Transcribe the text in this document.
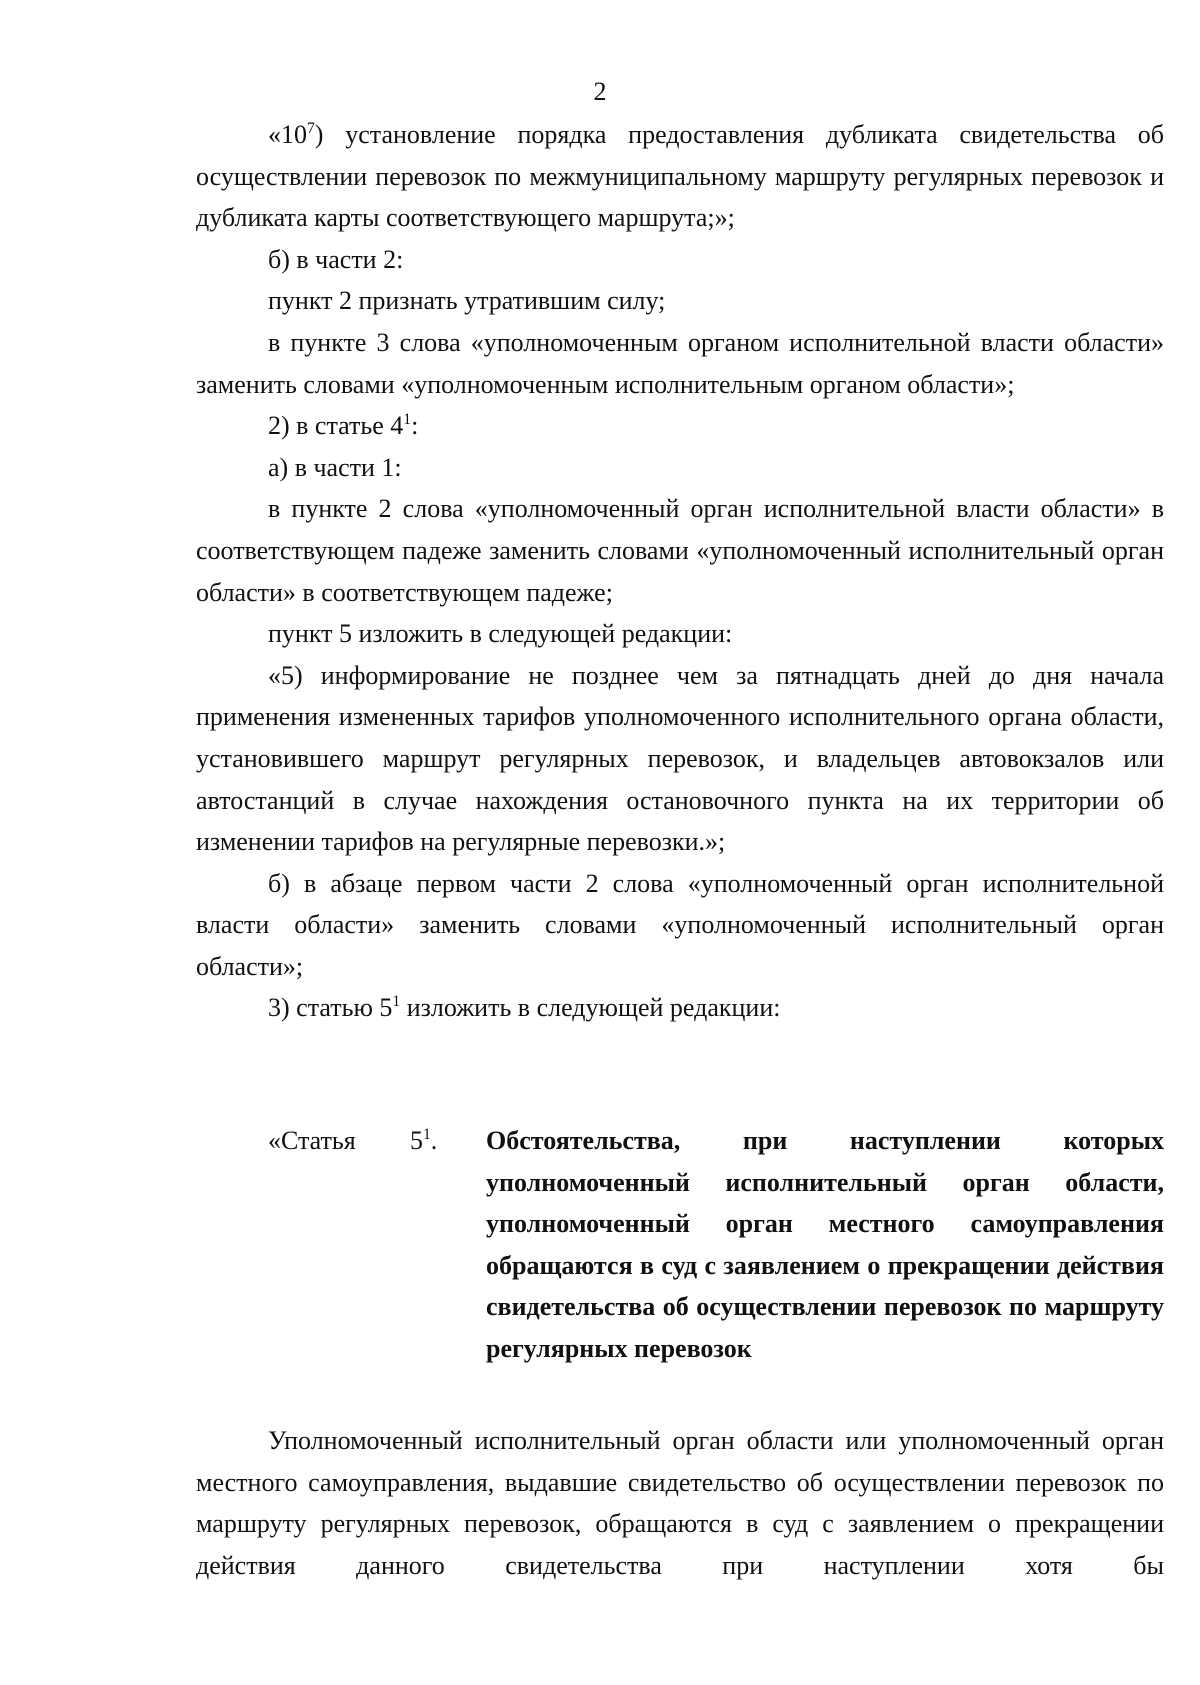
2

«$10^7$) установление порядка предоставления дубликата свидетельства об осуществлении перевозок по межмуниципальному маршруту регулярных перевозок и дубликата карты соответствующего маршрута;»;

б) в части 2:

пункт 2 признать утратившим силу;

в пункте 3 слова «уполномоченным органом исполнительной власти области» заменить словами «уполномоченным исполнительным органом области»;

2) в статье $4^1$:

а) в части 1:

в пункте 2 слова «уполномоченный орган исполнительной власти области» в соответствующем падеже заменить словами «уполномоченный исполнительный орган области» в соответствующем падеже;

пункт 5 изложить в следующей редакции:

«5) информирование не позднее чем за пятнадцать дней до дня начала применения измененных тарифов уполномоченного исполнительного органа области, установившего маршрут регулярных перевозок, и владельцев автовокзалов или автостанций в случае нахождения остановочного пункта на их территории об изменении тарифов на регулярные перевозки.»;

б) в абзаце первом части 2 слова «уполномоченный орган исполнительной власти области» заменить словами «уполномоченный исполнительный орган области»;

3) статью $5^1$ изложить в следующей редакции:

«Статья $5^1$. Обстоятельства, при наступлении которых уполномоченный исполнительный орган области, уполномоченный орган местного самоуправления обращаются в суд с заявлением о прекращении действия свидетельства об осуществлении перевозок по маршруту регулярных перевозок

Уполномоченный исполнительный орган области или уполномоченный орган местного самоуправления, выдавшие свидетельство об осуществлении перевозок по маршруту регулярных перевозок, обращаются в суд с заявлением о прекращении действия данного свидетельства при наступлении хотя бы
